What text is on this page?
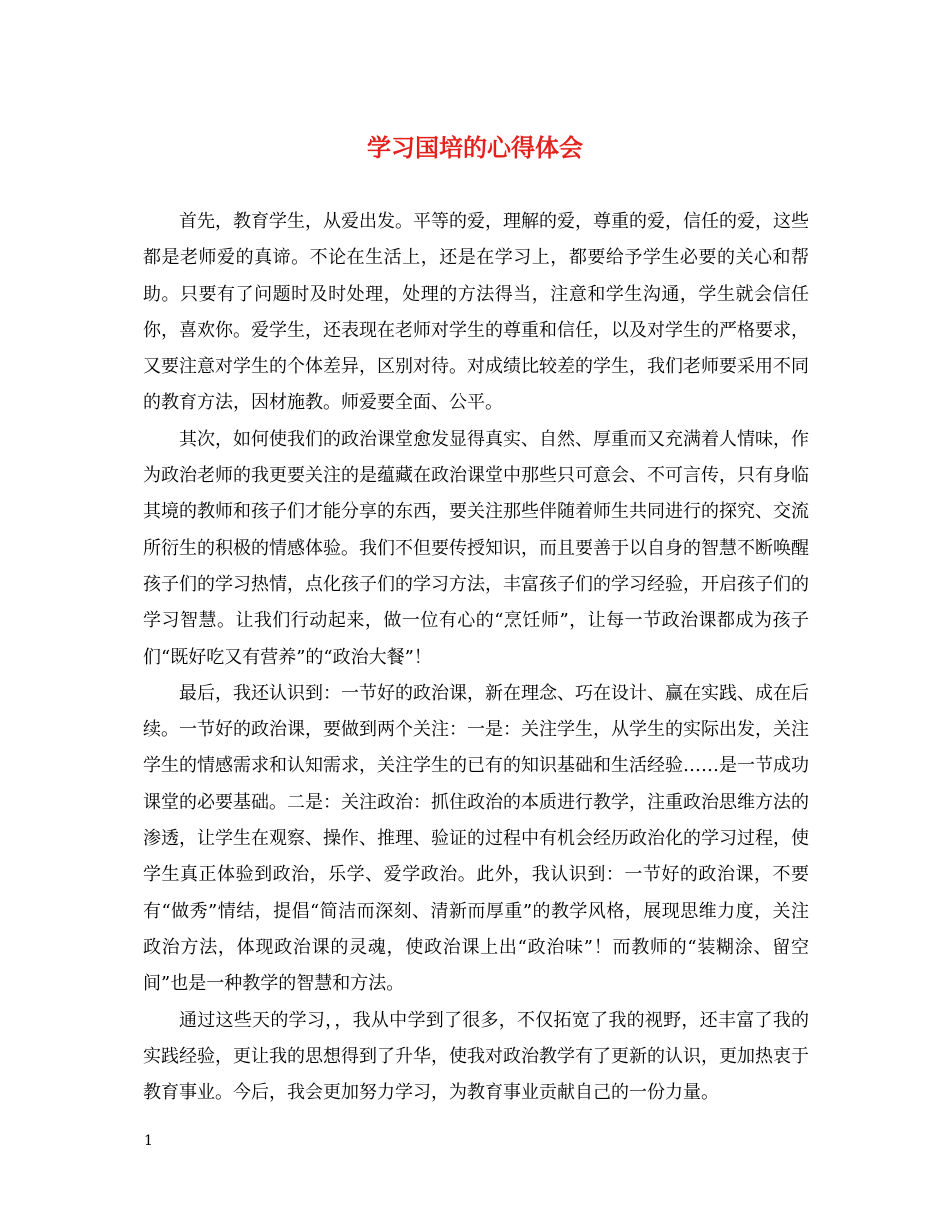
学习国培的心得体会

首先，教育学生，从爱出发。平等的爱，理解的爱，尊重的爱，信任的爱，这些都是老师爱的真谛。不论在生活上，还是在学习上，都要给予学生必要的关心和帮助。只要有了问题时及时处理，处理的方法得当，注意和学生沟通，学生就会信任你，喜欢你。爱学生，还表现在老师对学生的尊重和信任，以及对学生的严格要求，又要注意对学生的个体差异，区别对待。对成绩比较差的学生，我们老师要采用不同的教育方法，因材施教。师爱要全面、公平。

其次，如何使我们的政治课堂愈发显得真实、自然、厚重而又充满着人情味，作为政治老师的我更要关注的是蕴藏在政治课堂中那些只可意会、不可言传，只有身临其境的教师和孩子们才能分享的东西，要关注那些伴随着师生共同进行的探究、交流所衍生的积极的情感体验。我们不但要传授知识，而且要善于以自身的智慧不断唤醒孩子们的学习热情，点化孩子们的学习方法，丰富孩子们的学习经验，开启孩子们的学习智慧。让我们行动起来，做一位有心的“烹饪师”，让每一节政治课都成为孩子们“既好吃又有营养”的“政治大餐”！

最后，我还认识到：一节好的政治课，新在理念、巧在设计、赢在实践、成在后续。一节好的政治课，要做到两个关注：一是：关注学生，从学生的实际出发，关注学生的情感需求和认知需求，关注学生的已有的知识基础和生活经验……是一节成功课堂的必要基础。二是：关注政治：抓住政治的本质进行教学，注重政治思维方法的渗透，让学生在观察、操作、推理、验证的过程中有机会经历政治化的学习过程，使学生真正体验到政治，乐学、爱学政治。此外，我认识到：一节好的政治课，不要有“做秀”情结，提倡“简洁而深刻、清新而厚重”的教学风格，展现思维力度，关注政治方法，体现政治课的灵魂，使政治课上出“政治味”！而教师的“装糊涂、留空间”也是一种教学的智慧和方法。

通过这些天的学习，，我从中学到了很多，不仅拓宽了我的视野，还丰富了我的实践经验，更让我的思想得到了升华，使我对政治教学有了更新的认识，更加热衷于教育事业。今后，我会更加努力学习，为教育事业贡献自己的一份力量。

1
